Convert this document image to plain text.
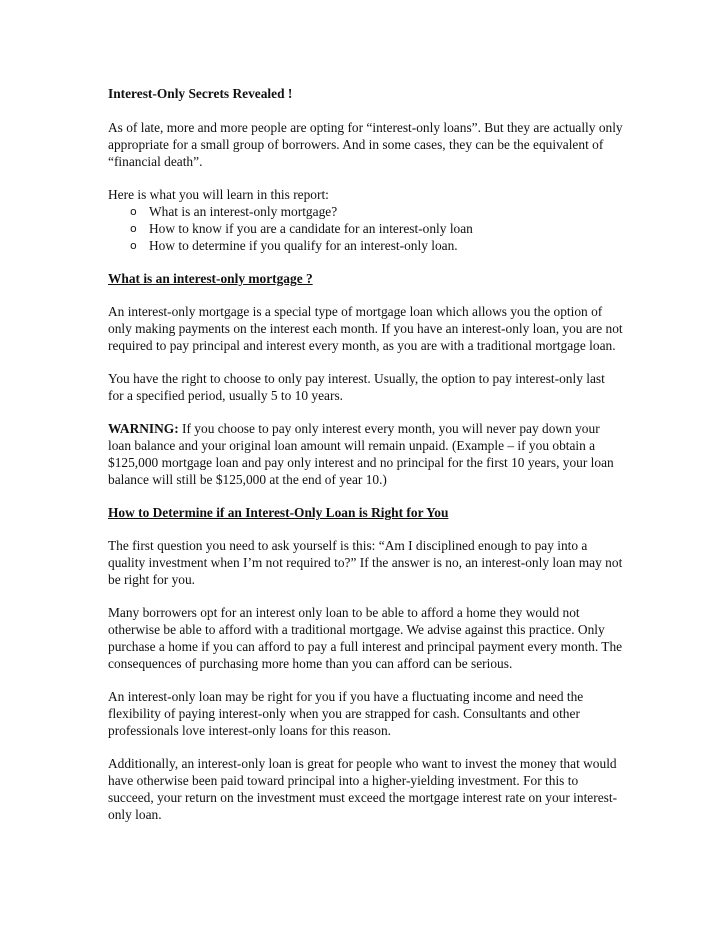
Interest-Only Secrets Revealed !

As of late, more and more people are opting for “interest-only loans”. But they are actually only appropriate for a small group of borrowers. And in some cases, they can be the equivalent of “financial death”.

Here is what you will learn in this report:
o What is an interest-only mortgage?
o How to know if you are a candidate for an interest-only loan
o How to determine if you qualify for an interest-only loan.
What is an interest-only mortgage ?

An interest-only mortgage is a special type of mortgage loan which allows you the option of only making payments on the interest each month. If you have an interest-only loan, you are not required to pay principal and interest every month, as you are with a traditional mortgage loan.

You have the right to choose to only pay interest. Usually, the option to pay interest-only last for a specified period, usually 5 to 10 years.

WARNING: If you choose to pay only interest every month, you will never pay down your loan balance and your original loan amount will remain unpaid. (Example – if you obtain a $125,000 mortgage loan and pay only interest and no principal for the first 10 years, your loan balance will still be $125,000 at the end of year 10.)

How to Determine if an Interest-Only Loan is Right for You

The first question you need to ask yourself is this: “Am I disciplined enough to pay into a quality investment when I’m not required to?” If the answer is no, an interest-only loan may not be right for you.

Many borrowers opt for an interest only loan to be able to afford a home they would not otherwise be able to afford with a traditional mortgage. We advise against this practice. Only purchase a home if you can afford to pay a full interest and principal payment every month. The consequences of purchasing more home than you can afford can be serious.

An interest-only loan may be right for you if you have a fluctuating income and need the flexibility of paying interest-only when you are strapped for cash. Consultants and other professionals love interest-only loans for this reason.

Additionally, an interest-only loan is great for people who want to invest the money that would have otherwise been paid toward principal into a higher-yielding investment. For this to succeed, your return on the investment must exceed the mortgage interest rate on your interest-only loan.
